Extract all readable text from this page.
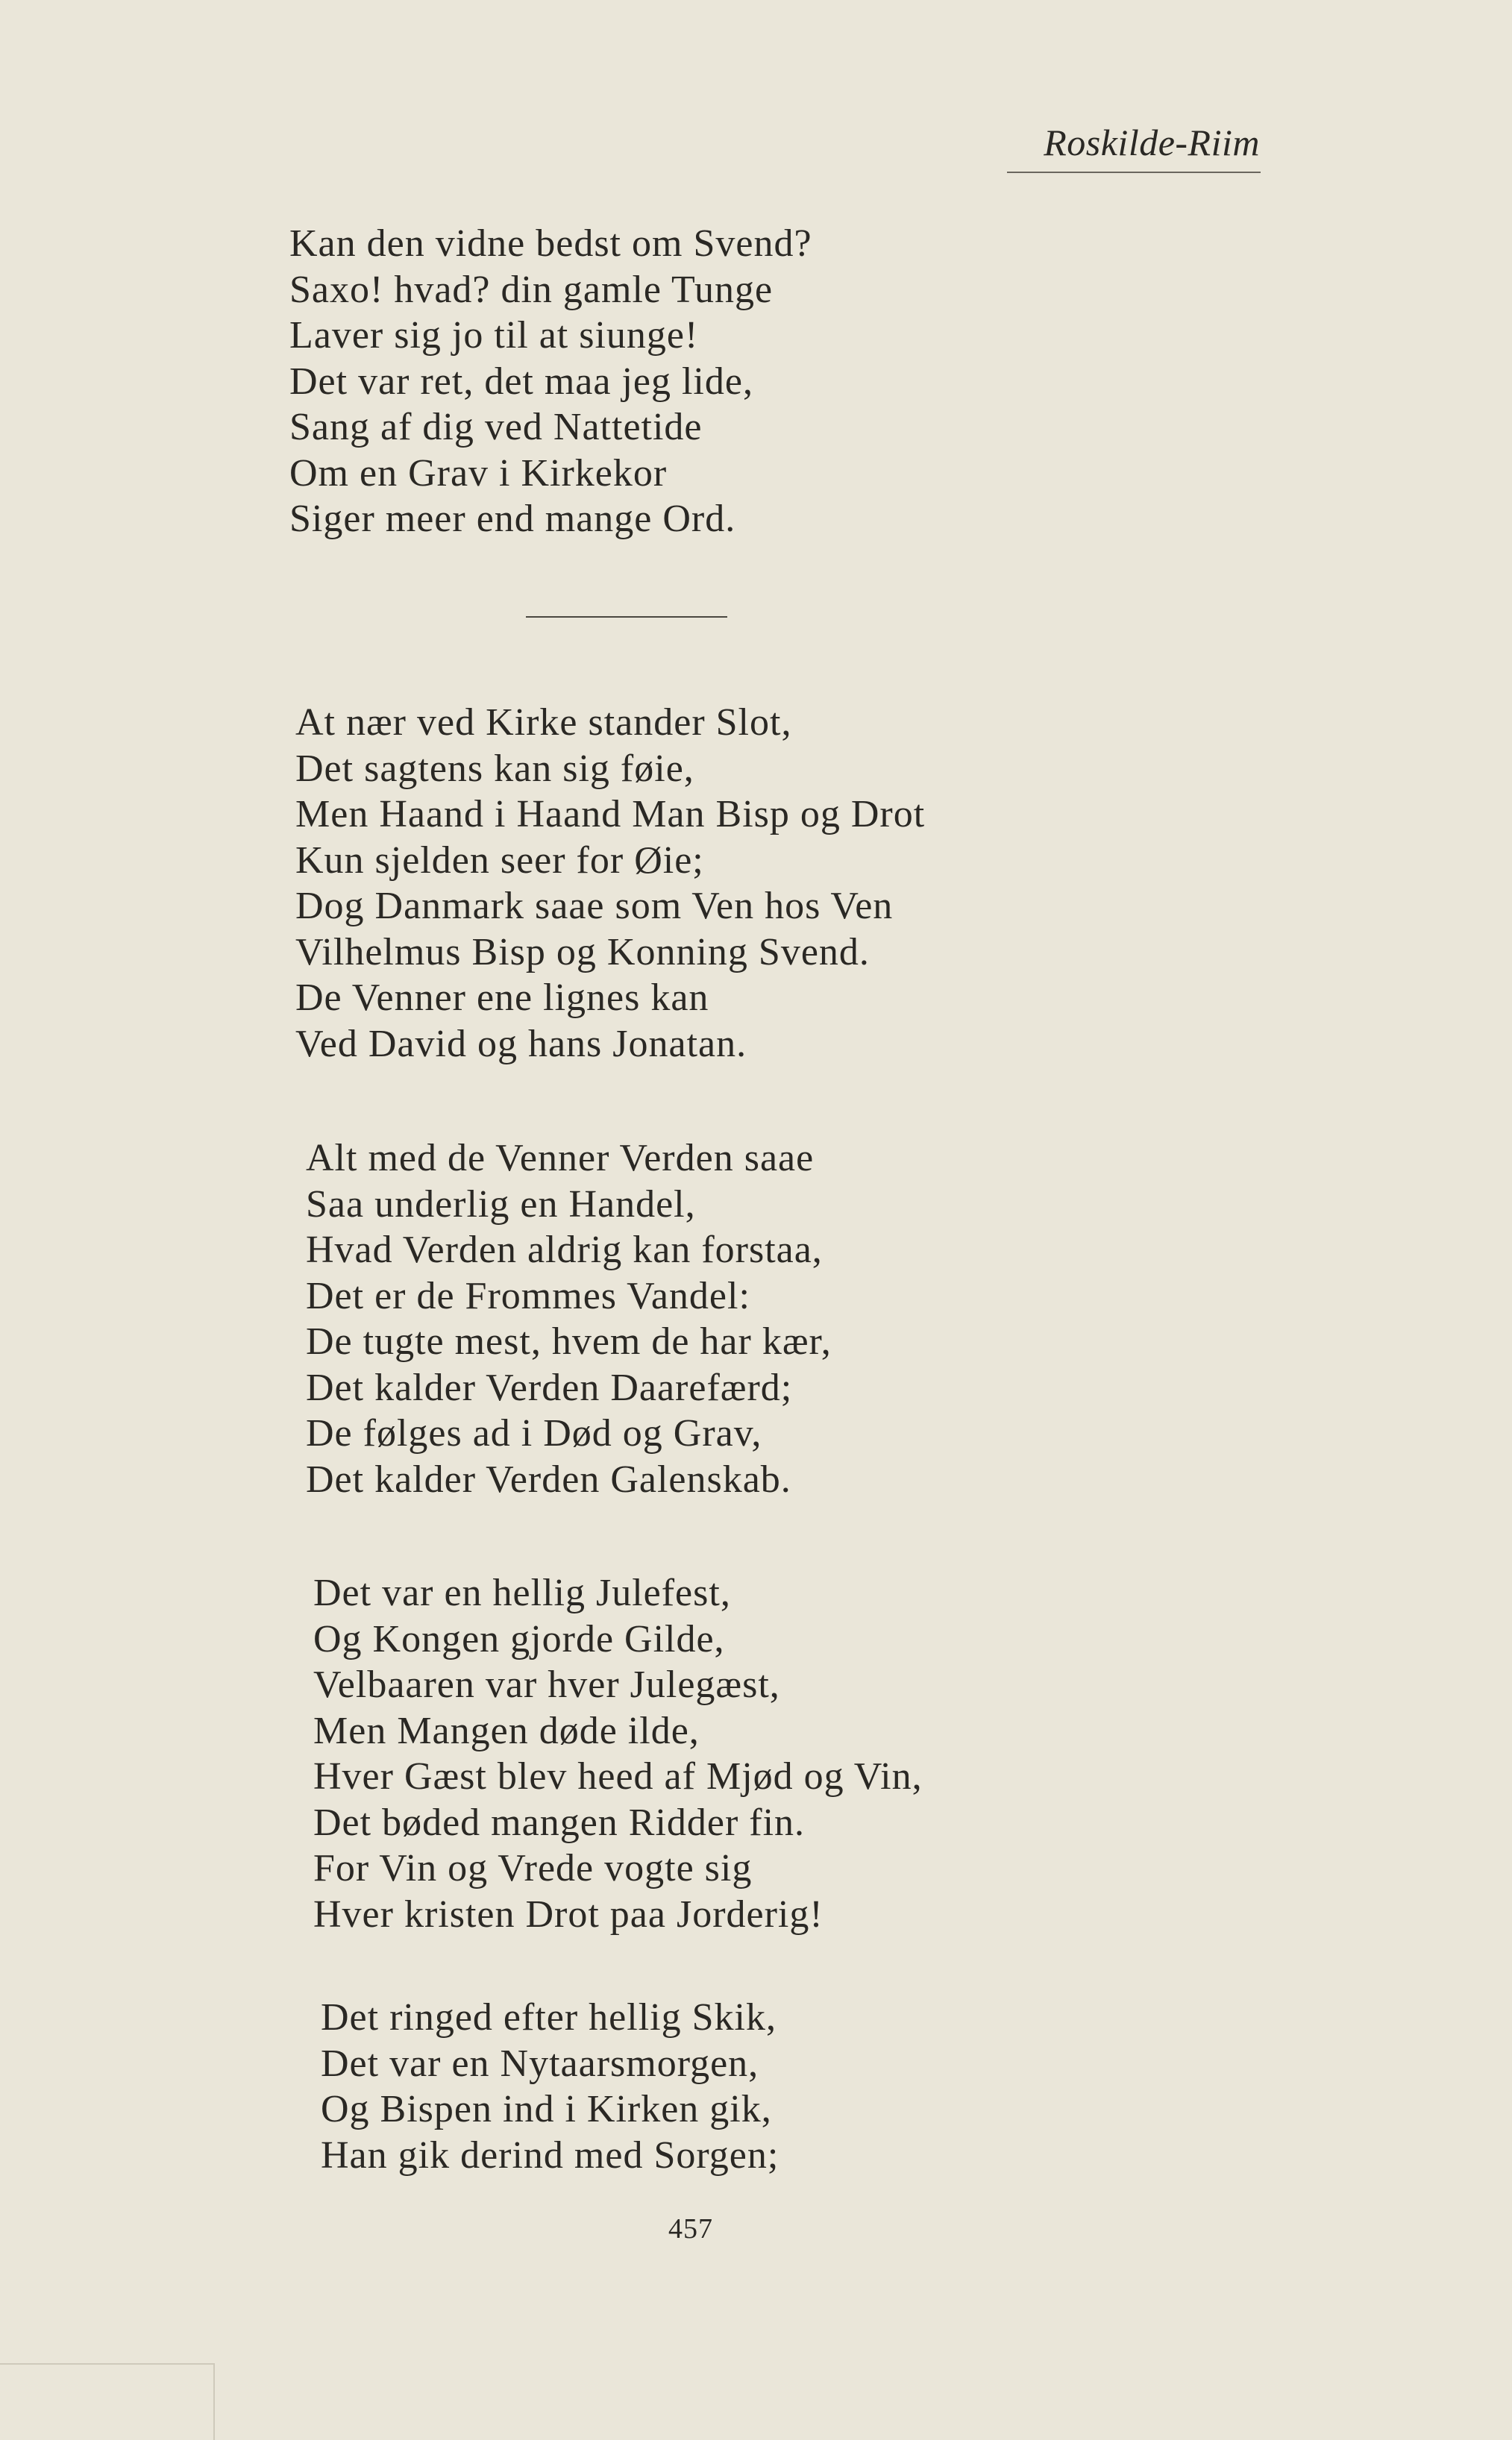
Roskilde-Riim
Kan den vidne bedst om Svend?
Saxo! hvad? din gamle Tunge
Laver sig jo til at siunge!
Det var ret, det maa jeg lide,
Sang af dig ved Nattetide
Om en Grav i Kirkekor
Siger meer end mange Ord.
At nær ved Kirke stander Slot,
Det sagtens kan sig føie,
Men Haand i Haand Man Bisp og Drot
Kun sjelden seer for Øie;
Dog Danmark saae som Ven hos Ven
Vilhelmus Bisp og Konning Svend.
De Venner ene lignes kan
Ved David og hans Jonatan.
Alt med de Venner Verden saae
Saa underlig en Handel,
Hvad Verden aldrig kan forstaa,
Det er de Frommes Vandel:
De tugte mest, hvem de har kær,
Det kalder Verden Daarefærd;
De følges ad i Død og Grav,
Det kalder Verden Galenskab.
Det var en hellig Julefest,
Og Kongen gjorde Gilde,
Velbaaren var hver Julegæst,
Men Mangen døde ilde,
Hver Gæst blev heed af Mjød og Vin,
Det bøded mangen Ridder fin.
For Vin og Vrede vogte sig
Hver kristen Drot paa Jorderig!
Det ringed efter hellig Skik,
Det var en Nytaarsmorgen,
Og Bispen ind i Kirken gik,
Han gik derind med Sorgen;
457
